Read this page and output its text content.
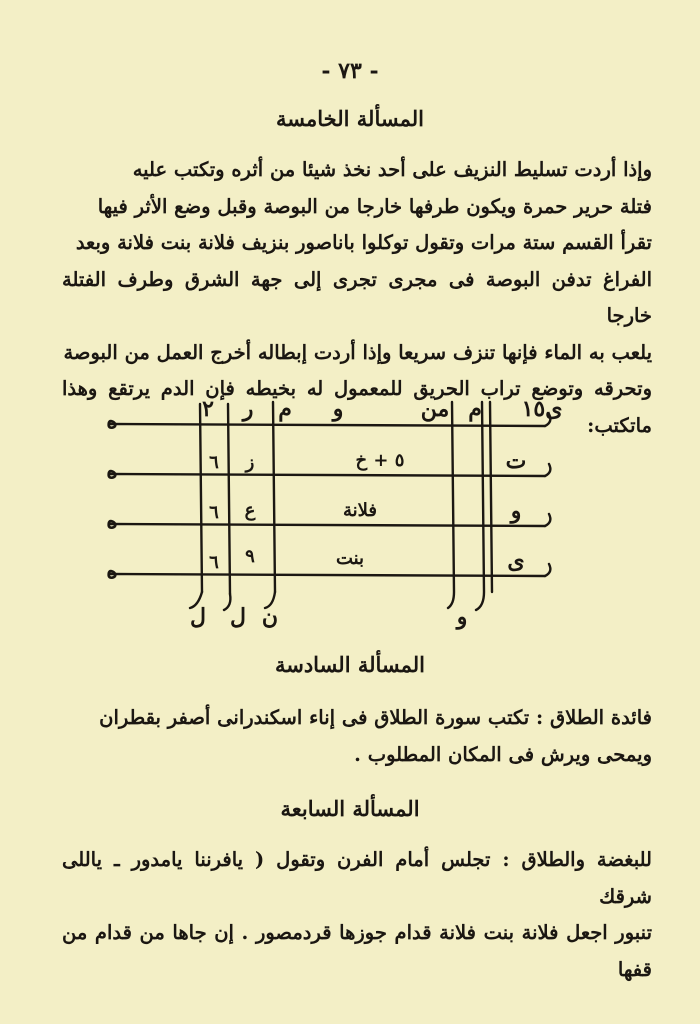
- ٧٣ -
المسألة الخامسة

وإذا أردت تسليط النزيف على أحد نخذ شيئا من أثره وتكتب عليه

فتلة حرير حمرة ويكون طرفها خارجا من البوصة وقبل وضع الأثر فيها

تقرأ القسم ستة مرات وتقول توكلوا باناصور بنزيف فلانة بنت فلانة وبعد

الفراغ تدفن البوصة فى مجرى تجرى إلى جهة الشرق وطرف الفتلة خارجا

يلعب به الماء فإنها تنزف سريعا وإذا أردت إبطاله أخرج العمل من البوصة

وتحرقه وتوضع تراب الحريق للمعمول له بخيطه فإن الدم يرتقع وهذا ماتكتب:

ى١٥
م
من
و
م
ر
٢
ت
و
ى
٥ + خ
فلانة
بنت
٩
٦
٦
٦
ز
ع
ه
ه
ه
ه
ل ل ن	و
المسألة السادسة

فائدة الطلاق : تكتب سورة الطلاق فى إناء اسكندرانى أصفر بقطران

ويمحى ويرش فى المكان المطلوب .

المسألة السابعة

للبغضة والطلاق : تجلس أمام الفرن وتقول ( يافرننا يامدور ـ ياللى شرقك

تنبور اجعل فلانة بنت فلانة قدام جوزها قردمصور . إن جاها من قدام من قفها
